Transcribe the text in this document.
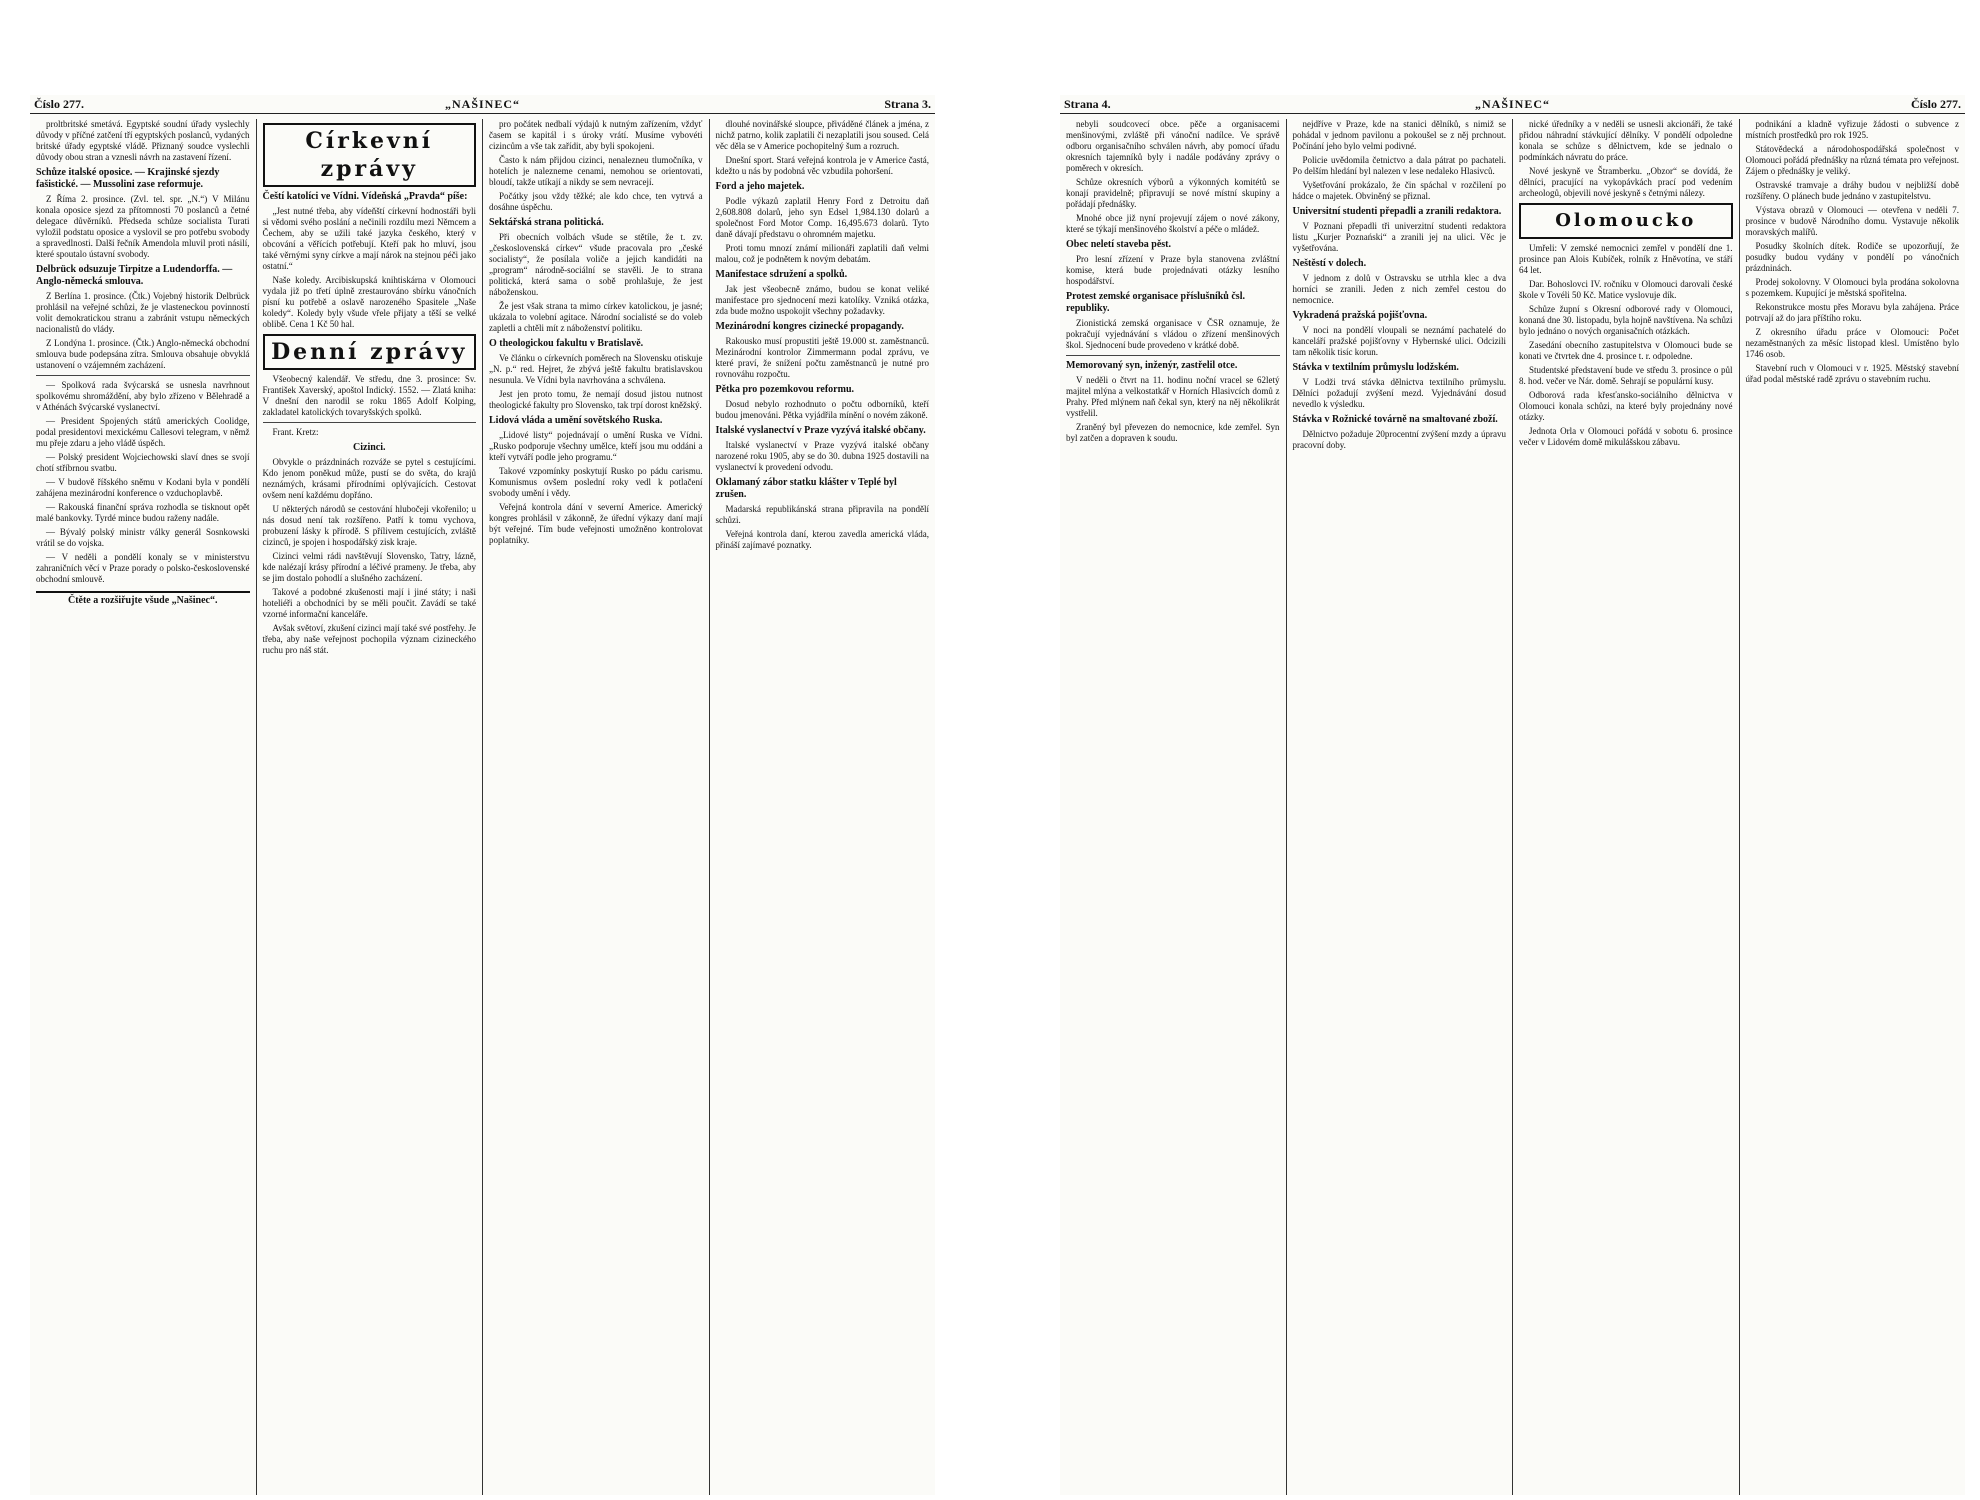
Číslo 277.	„NAŠINEC“	Strana 3.

proltbritské smetává. Egyptské soudní úřady vyslechly důvody v příčné zatčení tří egyptských poslanců, vydaných britské úřady egyptské vládě. Přiznaný soudce vyslechli důvody obou stran a vznesli návrh na zastavení řízení.

Schůze italské oposice. — Krajinské sjezdy fašistické. — Mussolini zase reformuje.

Z Říma 2. prosince. (Zvl. tel. spr. „N.“) V Milánu konala oposice sjezd za přítomnosti 70 poslanců a četné delegace důvěrníků. Předseda schůze socialista Turati vyložil podstatu oposice a vyslovil se pro potřebu svobody a spravedlnosti. Další řečník Amendola mluvil proti násilí, které spoutalo ústavní svobody.

Delbrück odsuzuje Tirpitze a Ludendorffa. — Anglo-německá smlouva.

Z Berlína 1. prosince. (Čtk.) Vojebný historik Delbrück prohlásil na veřejné schůzi, že je vlasteneckou povinností volit demokratickou stranu a zabránit vstupu německých nacionalistů do vlády.

Z Londýna 1. prosince. (Čtk.) Anglo-německá obchodní smlouva bude podepsána zítra. Smlouva obsahuje obvyklá ustanovení o vzájemném zacházení.

— Spolková rada švýcarská se usnesla navrhnout spolkovému shromáždění, aby bylo zřízeno v Bělehradě a v Athénách švýcarské vyslanectví.

— President Spojených států amerických Coolidge, podal presidentovi mexickému Callesovi telegram, v němž mu přeje zdaru a jeho vládě úspěch.

— Polský president Wojciechowski slaví dnes se svojí chotí stříbrnou svatbu.

— V budově říšského sněmu v Kodani byla v pondělí zahájena mezinárodní konference o vzduchoplavbě.

— Rakouská finanční správa rozhodla se tisknout opět malé bankovky. Tyrdé mince budou raženy nadále.

— Bývalý polský ministr války generál Sosnkowski vrátil se do vojska.

— V neděli a pondělí konaly se v ministerstvu zahraničních věcí v Praze porady o polsko-československé obchodní smlouvě.

Čtěte a rozšiřujte všude „Našinec“.
Církevní zprávy
Čeští katolíci ve Vídni. Vídeňská „Pravda“ píše:

„Jest nutné třeba, aby vídeňští církevní hodnostáři byli si vědomi svého poslání a nečinili rozdílu mezi Němcem a Čechem, aby se užili také jazyka českého, který v obcování a věřících potřebují. Kteří pak ho mluví, jsou také věrnými syny církve a mají nárok na stejnou péči jako ostatní.“

Naše koledy. Arcibiskupská knihtiskárna v Olomouci vydala již po třetí úplně zrestaurováno sbírku vánočních písní ku potřebě a oslavě narozeného Spasitele „Naše koledy“. Koledy byly všude vřele přijaty a těší se velké oblibě. Cena 1 Kč 50 hal.

Denní zprávy

Všeobecný kalendář. Ve středu, dne 3. prosince: Sv. František Xaverský, apoštol Indický. 1552. — Zlatá kniha: V dnešní den narodil se roku 1865 Adolf Kolping, zakladatel katolických tovaryšských spolků.

Frant. Kretz:

Cizinci.

Obvykle o prázdninách rozváže se pytel s cestujícími. Kdo jenom poněkud může, pustí se do světa, do krajů neznámých, krásami přírodními oplývajících. Cestovat ovšem není každému dopřáno.

U některých národů se cestování hlubočeji vkořenilo; u nás dosud není tak rozšířeno. Patří k tomu vychova, probuzení lásky k přírodě. S přílivem cestujících, zvláště cizinců, je spojen i hospodářský zisk kraje.

Cizinci velmi rádi navštěvují Slovensko, Tatry, lázně, kde nalézají krásy přírodní a léčivé prameny. Je třeba, aby se jim dostalo pohodlí a slušného zacházení.

Takové a podobné zkušenosti mají i jiné státy; i naši hoteliéři a obchodníci by se měli poučit. Zavádí se také vzorné informační kanceláře.

Avšak světoví, zkušení cizinci mají také své postřehy. Je třeba, aby naše veřejnost pochopila význam cizineckého ruchu pro náš stát.

pro počátek nedbalí výdajů k nutným zařízením, vždyť časem se kapitál i s úroky vrátí. Musíme vybovéti cizincům a vše tak zařídit, aby byli spokojeni.

Často k nám přijdou cizinci, nenalezneu tlumočníka, v hotelích je nalezneme cenami, nemohou se orientovati, bloudí, takže utíkají a nikdy se sem nevracejí.

Počátky jsou vždy těžké; ale kdo chce, ten vytrvá a dosáhne úspěchu.

Sektářská strana politická.

Při obecních volbách všude se stětíle, že t. zv. „československá církev“ všude pracovala pro „české socialisty“, že posílala voliče a jejich kandidáti na „program“ národně-sociální se stavěli. Je to strana politická, která sama o sobě prohlašuje, že jest náboženskou.

Že jest však strana ta mimo církev katolickou, je jasné; ukázala to volební agitace. Národní socialisté se do voleb zapletli a chtěli mít z náboženství politiku.

O theologickou fakultu v Bratislavě.

Ve článku o církevních poměrech na Slovensku otiskuje „N. p.“ red. Hejret, že zbývá ještě fakultu bratislavskou nesunula. Ve Vídni byla navrhována a schválena.

Jest jen proto tomu, že nemají dosud jistou nutnost theologické fakulty pro Slovensko, tak trpí dorost kněžský.

Lidová vláda a umění sovětského Ruska.

„Lidové listy“ pojednávají o umění Ruska ve Vídni. „Rusko podporuje všechny umělce, kteří jsou mu oddáni a kteří vytváří podle jeho programu.“

Takové vzpomínky poskytují Rusko po pádu carismu. Komunismus ovšem poslední roky vedl k potlačení svobody umění i vědy.

Veřejná kontrola dání v severní Americe. Americký kongres prohlásil v zákonně, že úřední výkazy daní mají být veřejné. Tím bude veřejnosti umožněno kontrolovat poplatníky.

dlouhé novinářské sloupce, přiváděné článek a jména, z nichž patrno, kolik zaplatili či nezaplatili jsou soused. Celá věc děla se v Americe pochopitelný šum a rozruch.

Dnešní sport. Stará veřejná kontrola je v Americe častá, kdežto u nás by podobná věc vzbudila pohoršení.

Ford a jeho majetek.

Podle výkazů zaplatil Henry Ford z Detroitu daň 2,608.808 dolarů, jeho syn Edsel 1,984.130 dolarů a společnost Ford Motor Comp. 16,495.673 dolarů. Tyto daně dávají představu o ohromném majetku.

Proti tomu mnozí známí milionáři zaplatili daň velmi malou, což je podnětem k novým debatám.

Manifestace sdružení a spolků.

Jak jest všeobecně známo, budou se konat veliké manifestace pro sjednocení mezi katolíky. Vzniká otázka, zda bude možno uspokojit všechny požadavky.

Mezinárodní kongres cizinecké propagandy.

Rakousko musí propustiti ještě 19.000 st. zaměstnanců. Mezinárodní kontrolor Zimmermann podal zprávu, ve které praví, že snížení počtu zaměstnanců je nutné pro rovnováhu rozpočtu.

Pětka pro pozemkovou reformu.

Dosud nebylo rozhodnuto o počtu odborníků, kteří budou jmenováni. Pětka vyjádřila mínění o novém zákoně.

Italské vyslanectví v Praze vyzývá italské občany.

Italské vyslanectví v Praze vyzývá italské občany narozené roku 1905, aby se do 30. dubna 1925 dostavili na vyslanectví k provedení odvodu.

Oklamaný zábor statku klášter v Teplé byl zrušen.

Madarská republikánská strana připravila na pondělí schůzi.

Veřejná kontrola daní, kterou zavedla americká vláda, přináší zajímavé poznatky.

Strana 4.	„NAŠINEC“	Číslo 277.

nebyli soudcovecí obce. pěče a organisacemi menšinovými, zvláště při vánoční nadílce. Ve správě odboru organisačního schválen návrh, aby pomocí úřadu okresních tajemníků byly i nadále podávány zprávy o poměrech v okresích.

Schůze okresních výborů a výkonných komitétů se konají pravidelně; připravují se nové místní skupiny a pořádají přednášky.

Mnohé obce již nyní projevují zájem o nové zákony, které se týkají menšinového školství a péče o mládež.

Obec neletí staveba pěst.

Pro lesní zřízení v Praze byla stanovena zvláštní komise, která bude projednávati otázky lesního hospodářství.

Protest zemské organisace příslušníků čsl. republiky.

Zionistická zemská organisace v ČSR oznamuje, že pokračují vyjednávání s vládou o zřízení menšinových škol. Sjednocení bude provedeno v krátké době.

Memorovaný syn, inženýr, zastřelil otce.

V neděli o čtvrt na 11. hodinu noční vracel se 62letý majitel mlýna a velkostatkář v Horních Hlasivcích domů z Prahy. Před mlýnem naň čekal syn, který na něj několikrát vystřelil.

Zraněný byl převezen do nemocnice, kde zemřel. Syn byl zatčen a dopraven k soudu.

nejdříve v Praze, kde na stanici dělníků, s nimiž se pohádal v jednom pavilonu a pokoušel se z něj prchnout. Počínání jeho bylo velmi podivné.

Policie uvědomila četnictvo a dala pátrat po pachateli. Po delším hledání byl nalezen v lese nedaleko Hlasivců.

Vyšetřování prokázalo, že čin spáchal v rozčilení po hádce o majetek. Obviněný se přiznal.

Universitní studenti přepadli a zranili redaktora.

V Poznani přepadli tři univerzitní studenti redaktora listu „Kurjer Poznański“ a zranili jej na ulici. Věc je vyšetřována.

Neštěstí v dolech.

V jednom z dolů v Ostravsku se utrhla klec a dva horníci se zranili. Jeden z nich zemřel cestou do nemocnice.

Vykradená pražská pojišťovna.

V noci na pondělí vloupali se neznámí pachatelé do kanceláří pražské pojišťovny v Hybernské ulici. Odcizili tam několik tisíc korun.

Stávka v textilním průmyslu lodžském.

V Lodži trvá stávka dělnictva textilního průmyslu. Dělníci požadují zvýšení mezd. Vyjednávání dosud nevedlo k výsledku.

Stávka v Rožnické továrně na smaltované zboží.

Dělnictvo požaduje 20procentní zvýšení mzdy a úpravu pracovní doby.

nické úředníky a v neděli se usnesli akcionáři, že také přidou náhradní stávkující dělníky. V pondělí odpoledne konala se schůze s dělnictvem, kde se jednalo o podmínkách návratu do práce.

Nové jeskyně ve Štramberku. „Obzor“ se dovídá, že dělníci, pracující na vykopávkách prací pod vedením archeologů, objevili nové jeskyně s četnými nálezy.

Olomoucko

Umřeli: V zemské nemocnici zemřel v pondělí dne 1. prosince pan Alois Kubíček, rolník z Hněvotína, ve stáří 64 let.

Dar. Bohoslovci IV. ročníku v Olomouci darovali české škole v Tovéli 50 Kč. Matice vyslovuje dík.

Schůze župní s Okresní odborové rady v Olomouci, konaná dne 30. listopadu, byla hojně navštívena. Na schůzi bylo jednáno o nových organisačních otázkách.

Zasedání obecního zastupitelstva v Olomouci bude se konati ve čtvrtek dne 4. prosince t. r. odpoledne.

Studentské představení bude ve středu 3. prosince o půl 8. hod. večer ve Nár. domě. Sehrají se populární kusy.

Odborová rada křesťansko-sociálního dělnictva v Olomouci konala schůzi, na které byly projednány nové otázky.

Jednota Orla v Olomouci pořádá v sobotu 6. prosince večer v Lidovém domě mikulášskou zábavu.

podnikání a kladně vyřizuje žádosti o subvence z místních prostředků pro rok 1925.

Státovědecká a národohospodářská společnost v Olomouci pořádá přednášky na různá témata pro veřejnost. Zájem o přednášky je veliký.

Ostravské tramvaje a dráhy budou v nejbližší době rozšířeny. O plánech bude jednáno v zastupitelstvu.

Výstava obrazů v Olomouci — otevřena v neděli 7. prosince v budově Národního domu. Vystavuje několik moravských malířů.

Posudky školních dítek. Rodiče se upozorňují, že posudky budou vydány v pondělí po vánočních prázdninách.

Prodej sokolovny. V Olomouci byla prodána sokolovna s pozemkem. Kupující je městská spořitelna.

Rekonstrukce mostu přes Moravu byla zahájena. Práce potrvají až do jara příštího roku.

Z okresního úřadu práce v Olomouci: Počet nezaměstnaných za měsíc listopad klesl. Umístěno bylo 1746 osob.

Stavební ruch v Olomouci v r. 1925. Městský stavební úřad podal městské radě zprávu o stavebním ruchu.
